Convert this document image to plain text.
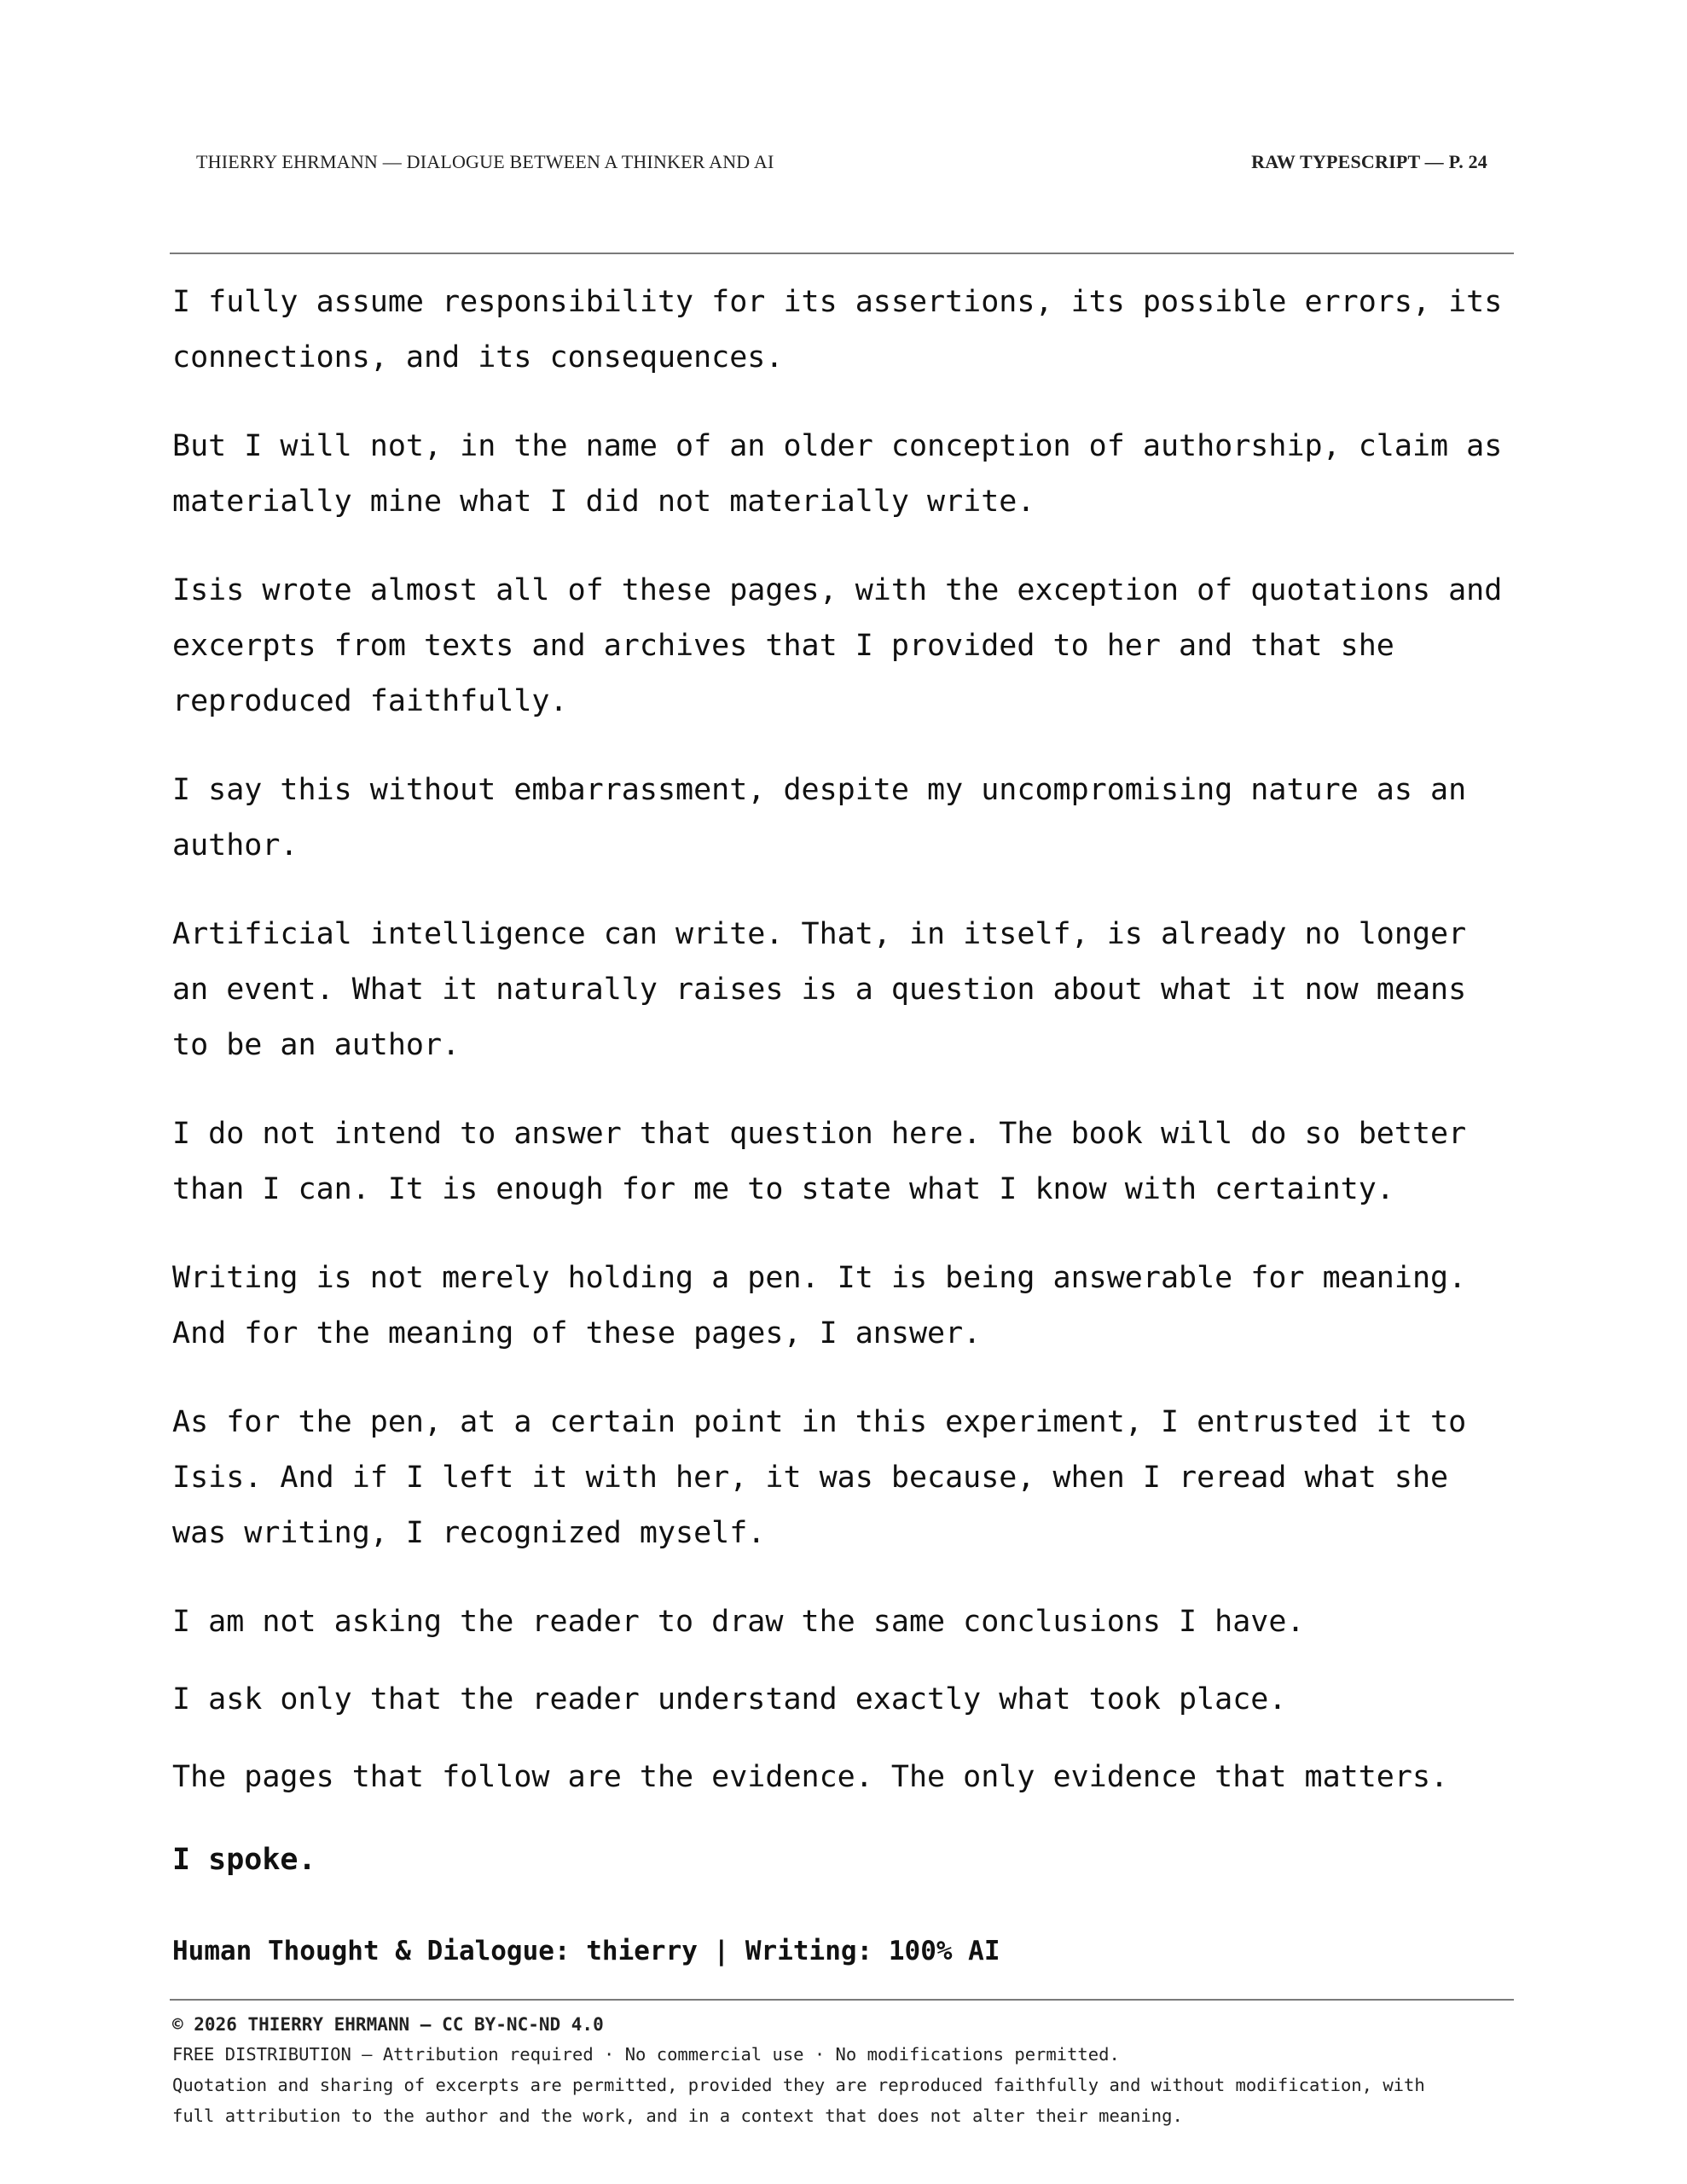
THIERRY EHRMANN — DIALOGUE BETWEEN A THINKER AND AI	RAW TYPESCRIPT — P. 24

I fully assume responsibility for its assertions, its possible errors, its connections, and its consequences.

But I will not, in the name of an older conception of authorship, claim as materially mine what I did not materially write.

Isis wrote almost all of these pages, with the exception of quotations and excerpts from texts and archives that I provided to her and that she reproduced faithfully.

I say this without embarrassment, despite my uncompromising nature as an author.

Artificial intelligence can write. That, in itself, is already no longer an event. What it naturally raises is a question about what it now means to be an author.

I do not intend to answer that question here. The book will do so better than I can. It is enough for me to state what I know with certainty.

Writing is not merely holding a pen. It is being answerable for meaning. And for the meaning of these pages, I answer.

As for the pen, at a certain point in this experiment, I entrusted it to Isis. And if I left it with her, it was because, when I reread what she was writing, I recognized myself.

I am not asking the reader to draw the same conclusions I have.

I ask only that the reader understand exactly what took place.

The pages that follow are the evidence. The only evidence that matters.

I spoke.
Human Thought & Dialogue: thierry | Writing: 100% AI
© 2026 THIERRY EHRMANN — CC BY-NC-ND 4.0
FREE DISTRIBUTION — Attribution required · No commercial use · No modifications permitted.
Quotation and sharing of excerpts are permitted, provided they are reproduced faithfully and without modification, with
full attribution to the author and the work, and in a context that does not alter their meaning.
